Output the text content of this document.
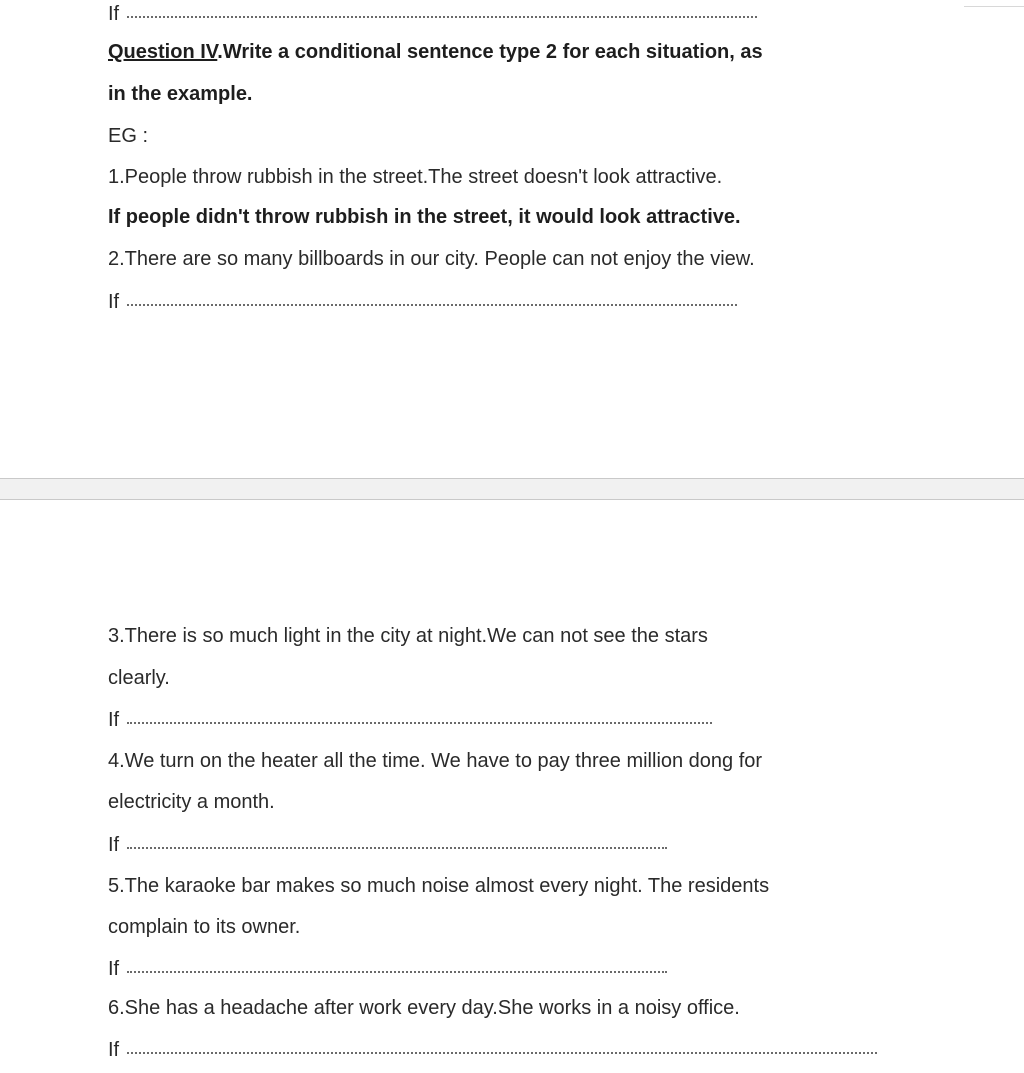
If
Question IV.Write a conditional sentence type 2 for each situation, as
in the example.
EG :
1.People throw rubbish in the street.The street doesn't look attractive.
If people didn't throw rubbish in the street, it would look attractive.
2.There are so many billboards in our city. People can not enjoy the view.
If
3.There is so much light in the city at night.We can not see the stars
clearly.
If
4.We turn on the heater all the time. We have to pay three million dong for
electricity a month.
If
5.The karaoke bar makes so much noise almost every night. The residents
complain to its owner.
If
6.She has a headache after work every day.She works in a noisy office.
If
